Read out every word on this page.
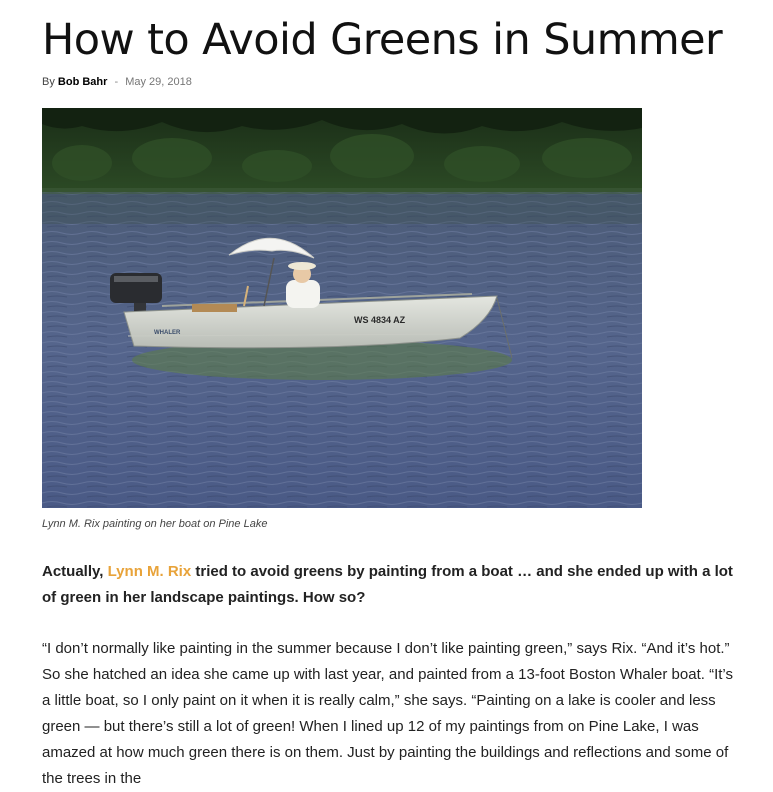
How to Avoid Greens in Summer
By Bob Bahr - May 29, 2018
WS 4834 AZ
WHALER
Lynn M. Rix painting on her boat on Pine Lake

Actually, Lynn M. Rix tried to avoid greens by painting from a boat … and she ended up with a lot of green in her landscape paintings. How so?

“I don’t normally like painting in the summer because I don’t like painting green,” says Rix. “And it’s hot.” So she hatched an idea she came up with last year, and painted from a 13-foot Boston Whaler boat. “It’s a little boat, so I only paint on it when it is really calm,” she says. “Painting on a lake is cooler and less green — but there’s still a lot of green! When I lined up 12 of my paintings from on Pine Lake, I was amazed at how much green there is on them. Just by painting the buildings and reflections and some of the trees in the
